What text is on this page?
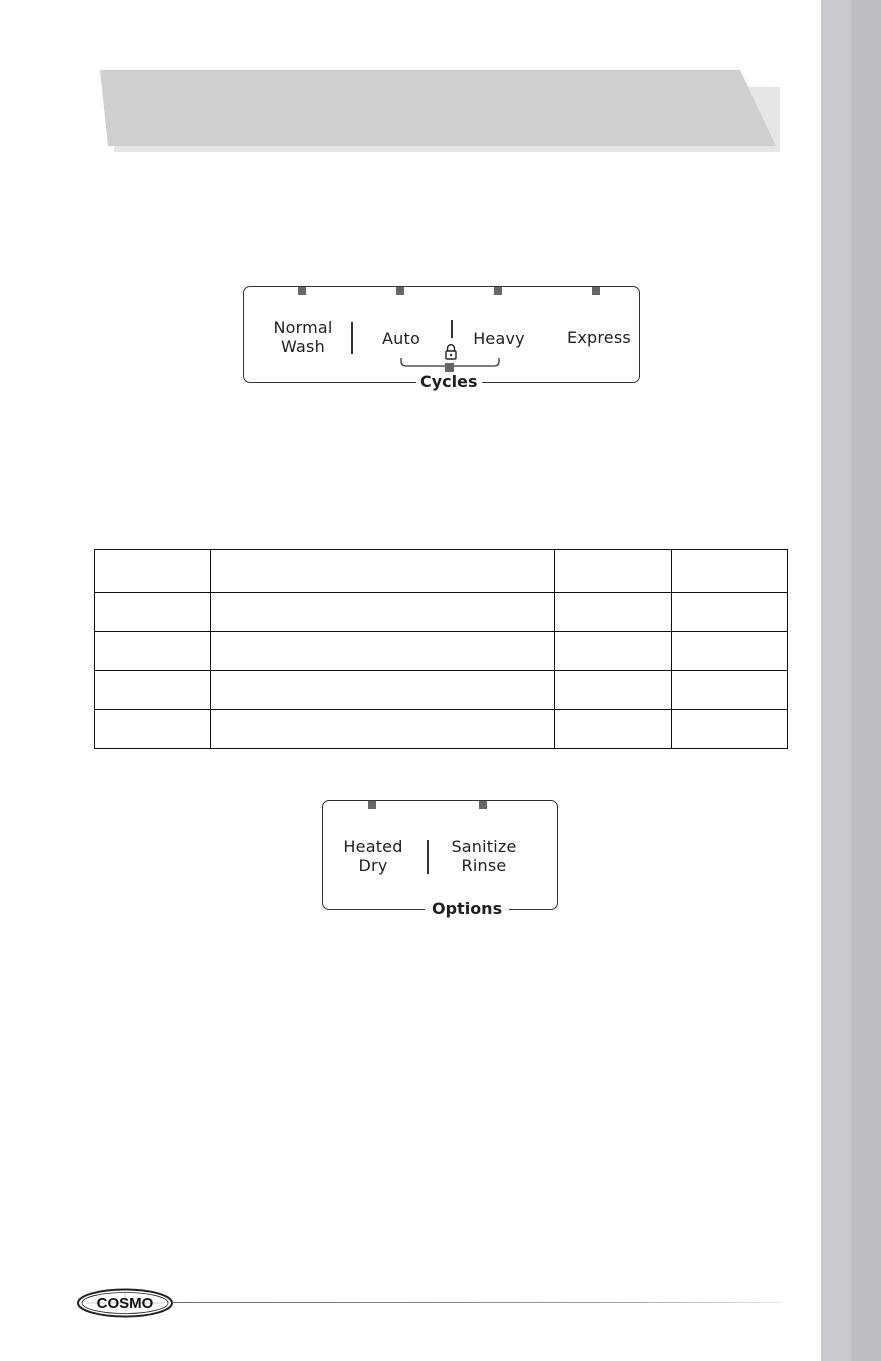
Normal
Wash	Auto	Heavy	Express
Cycles

Heated
Dry
Sanitize
Rinse
Options
COSMO
